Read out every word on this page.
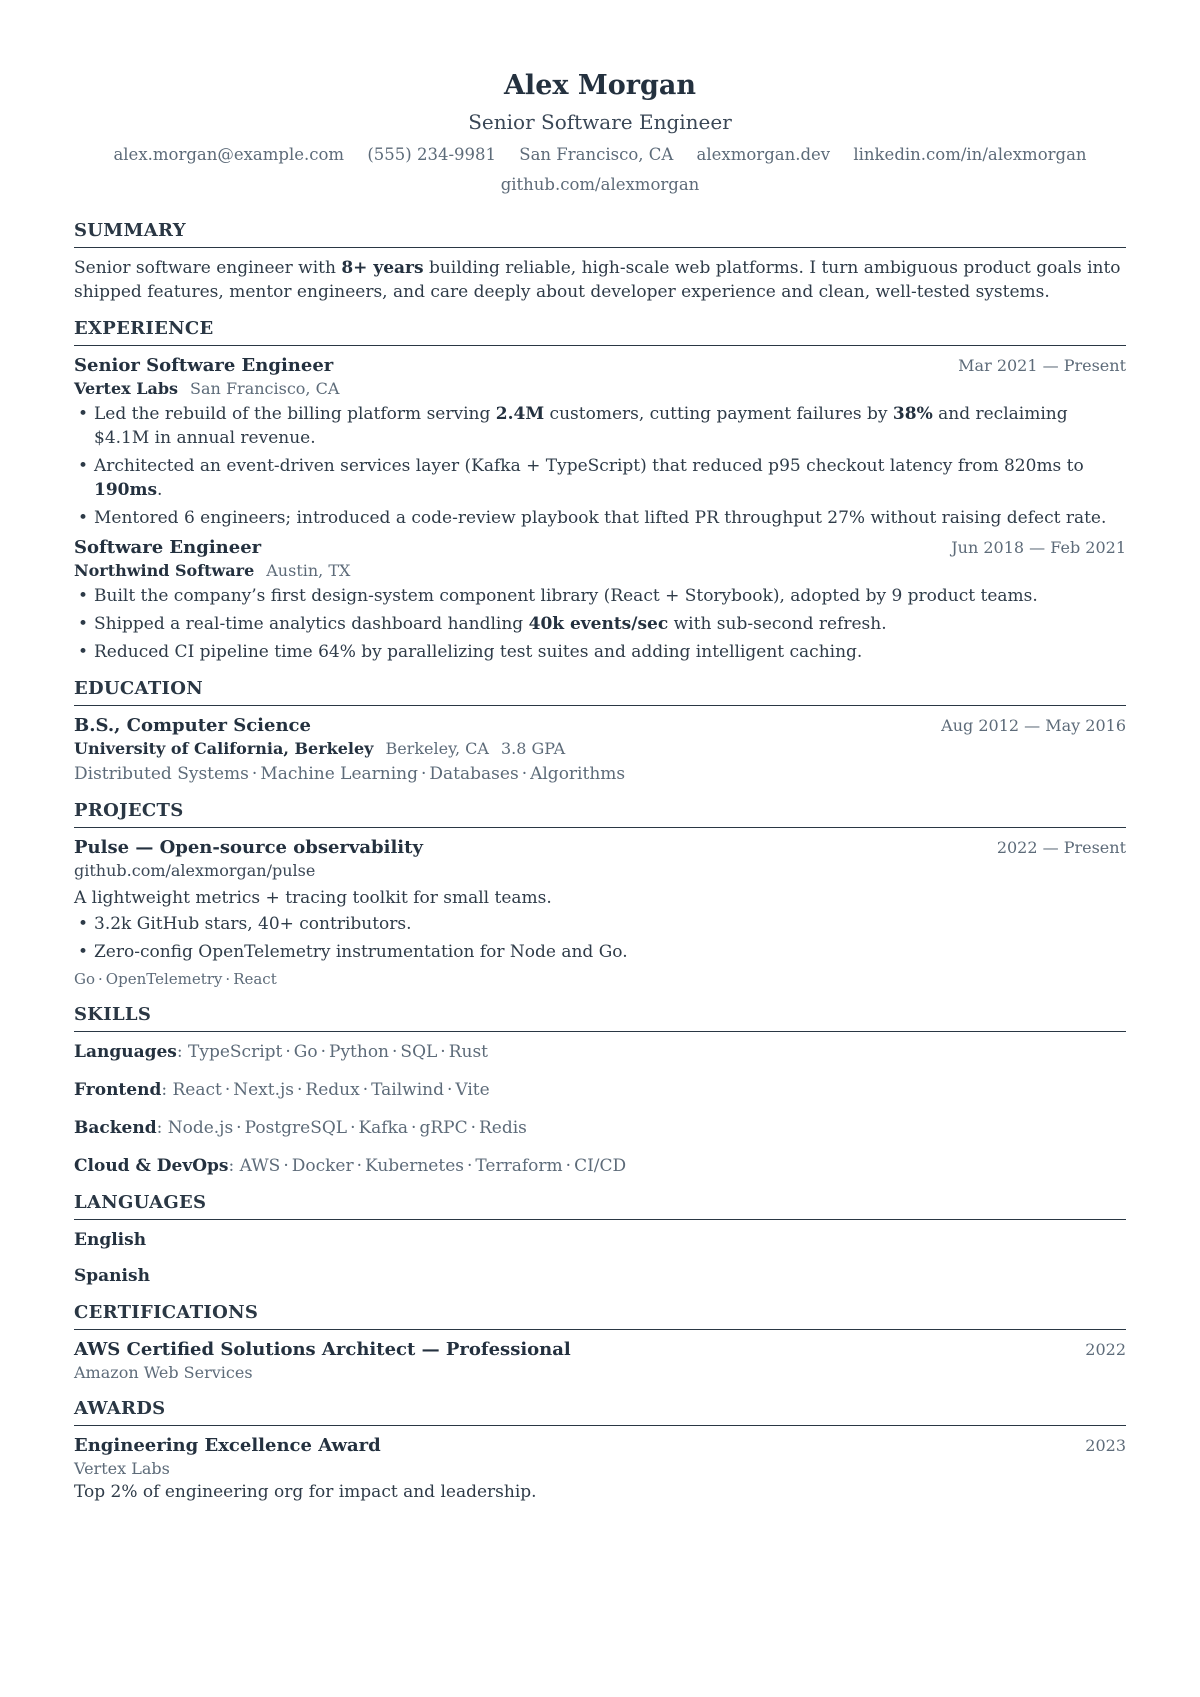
Alex Morgan
Senior Software Engineer
alex.morgan@example.com (555) 234-9981 San Francisco, CA alexmorgan.dev linkedin.com/in/alexmorgan
github.com/alexmorgan
SUMMARY
Senior software engineer with 8+ years building reliable, high-scale web platforms. I turn ambiguous product goals into shipped features, mentor engineers, and care deeply about developer experience and clean, well-tested systems.
EXPERIENCE
Senior Software Engineer	Mar 2021 — Present
Vertex Labs San Francisco, CA
• Led the rebuild of the billing platform serving 2.4M customers, cutting payment failures by 38% and reclaiming $4.1M in annual revenue.
• Architected an event-driven services layer (Kafka + TypeScript) that reduced p95 checkout latency from 820ms to 190ms.
• Mentored 6 engineers; introduced a code-review playbook that lifted PR throughput 27% without raising defect rate.
Software Engineer	Jun 2018 — Feb 2021
Northwind Software Austin, TX
• Built the company’s first design-system component library (React + Storybook), adopted by 9 product teams.
• Shipped a real-time analytics dashboard handling 40k events/sec with sub-second refresh.
• Reduced CI pipeline time 64% by parallelizing test suites and adding intelligent caching.
EDUCATION
B.S., Computer Science	Aug 2012 — May 2016
University of California, Berkeley Berkeley, CA 3.8 GPA
Distributed Systems · Machine Learning · Databases · Algorithms
PROJECTS
Pulse — Open-source observability	2022 — Present
github.com/alexmorgan/pulse
A lightweight metrics + tracing toolkit for small teams.
• 3.2k GitHub stars, 40+ contributors.
• Zero-config OpenTelemetry instrumentation for Node and Go.
Go · OpenTelemetry · React
SKILLS
Languages: TypeScript · Go · Python · SQL · Rust
Frontend: React · Next.js · Redux · Tailwind · Vite
Backend: Node.js · PostgreSQL · Kafka · gRPC · Redis
Cloud & DevOps: AWS · Docker · Kubernetes · Terraform · CI/CD
LANGUAGES
English
Spanish
CERTIFICATIONS
AWS Certified Solutions Architect — Professional	2022
Amazon Web Services
AWARDS
Engineering Excellence Award	2023
Vertex Labs
Top 2% of engineering org for impact and leadership.
